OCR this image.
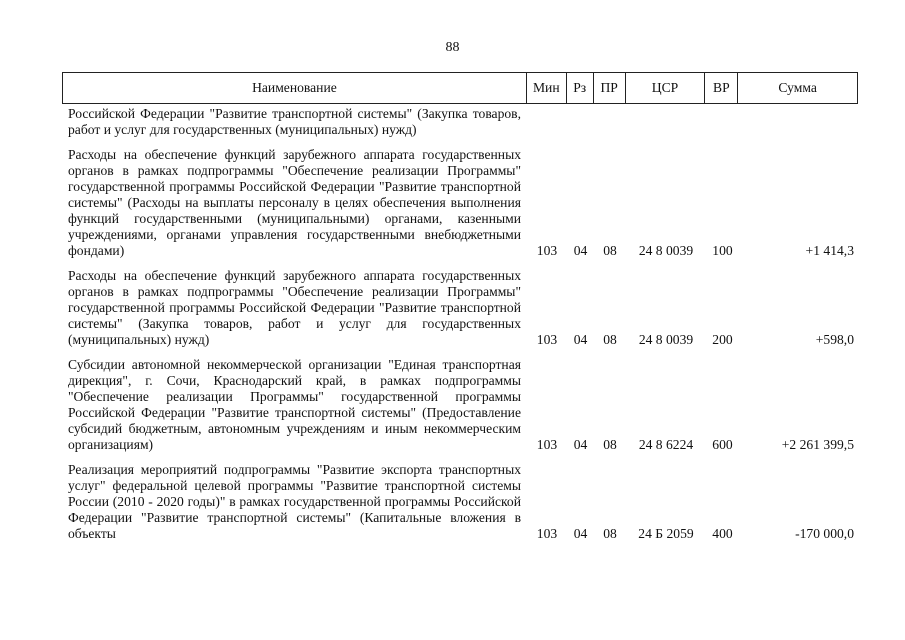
88
Наименование	Мин	Рз	ПР	ЦСР	ВР	Сумма
Российской Федерации "Развитие транспортной системы" (Закупка товаров, работ и услуг для государственных (муниципальных) нужд)
Расходы на обеспечение функций зарубежного аппарата государственных органов в рамках подпрограммы "Обеспечение реализации Программы" государственной программы Российской Федерации "Развитие транспортной системы" (Расходы на выплаты персоналу в целях обеспечения выполнения функций государственными (муниципальными) органами, казенными учреждениями, органами управления государственными внебюджетными фондами)	103	04	08	24 8 0039	100	+1 414,3
Расходы на обеспечение функций зарубежного аппарата государственных органов в рамках подпрограммы "Обеспечение реализации Программы" государственной программы Российской Федерации "Развитие транспортной системы" (Закупка товаров, работ и услуг для государственных (муниципальных) нужд)	103	04	08	24 8 0039	200	+598,0
Субсидии автономной некоммерческой организации "Единая транспортная дирекция", г. Сочи, Краснодарский край, в рамках подпрограммы "Обеспечение реализации Программы" государственной программы Российской Федерации "Развитие транспортной системы" (Предоставление субсидий бюджетным, автономным учреждениям и иным некоммерческим организациям)	103	04	08	24 8 6224	600	+2 261 399,5
Реализация мероприятий подпрограммы "Развитие экспорта транспортных услуг" федеральной целевой программы "Развитие транспортной системы России (2010 - 2020 годы)" в рамках государственной программы Российской Федерации "Развитие транспортной системы" (Капитальные вложения в объекты	103	04	08	24 Б 2059	400	-170 000,0
